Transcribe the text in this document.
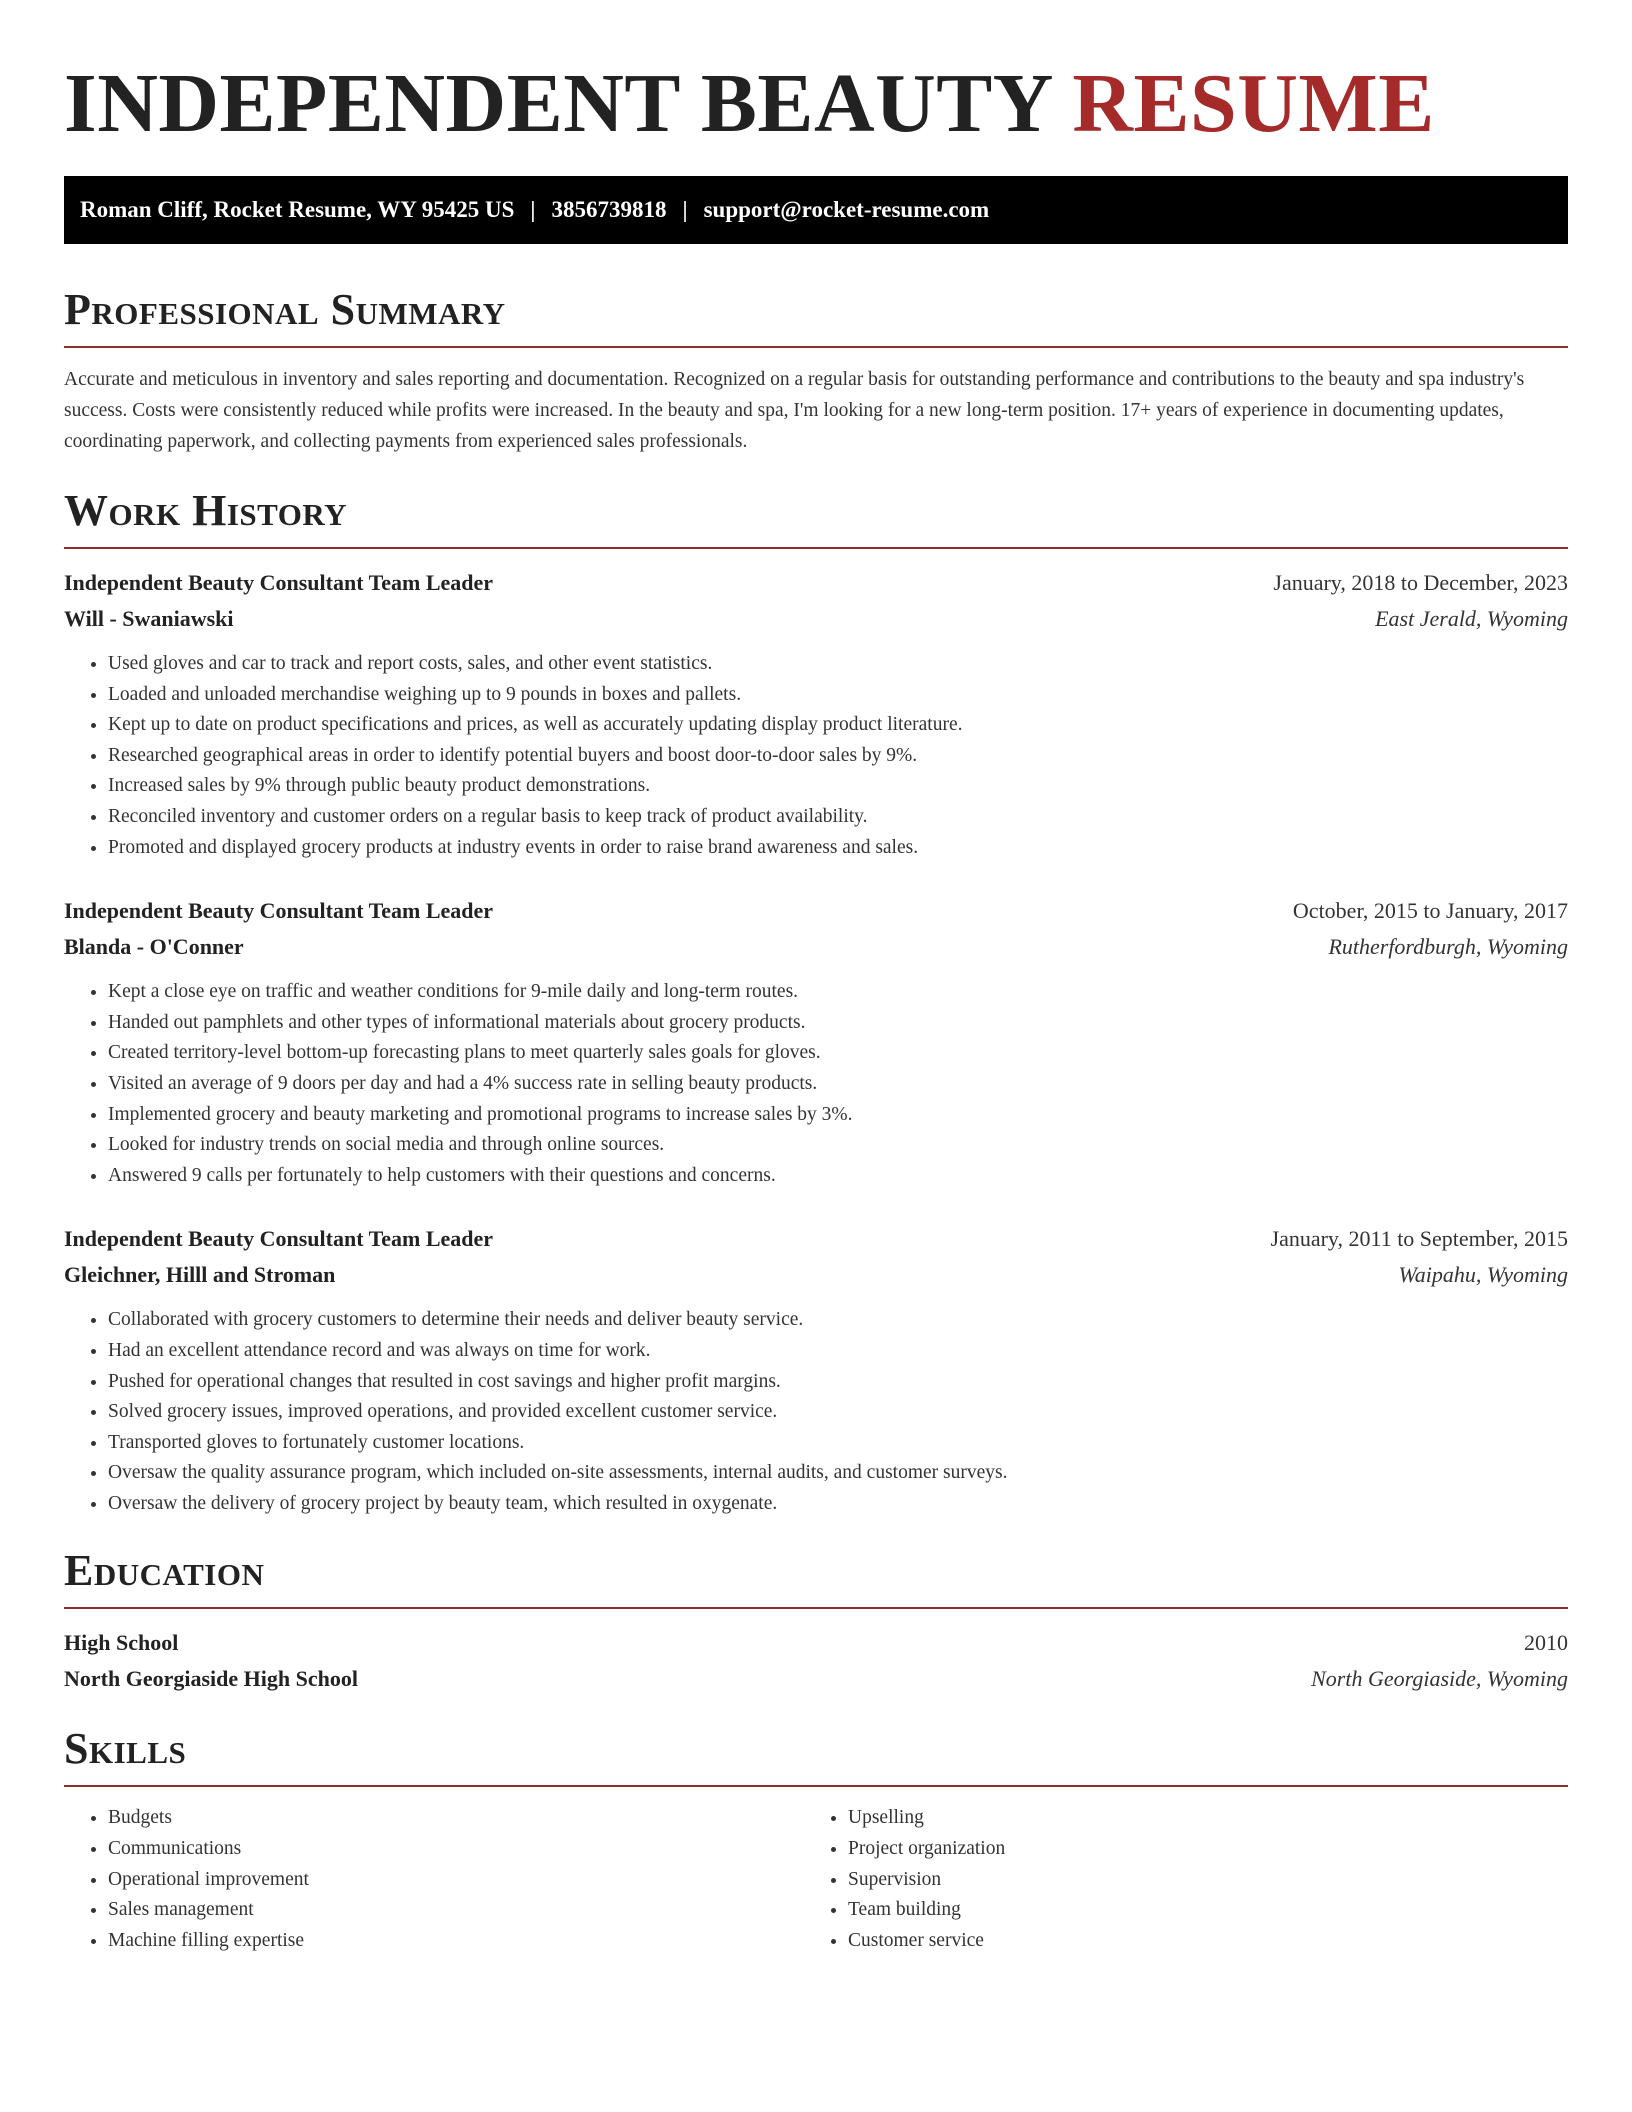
INDEPENDENT BEAUTY RESUME
Roman Cliff, Rocket Resume, WY 95425 US | 3856739818 | support@rocket-resume.com
Professional Summary

Accurate and meticulous in inventory and sales reporting and documentation. Recognized on a regular basis for outstanding performance and contributions to the beauty and spa industry's success. Costs were consistently reduced while profits were increased. In the beauty and spa, I'm looking for a new long-term position. 17+ years of experience in documenting updates, coordinating paperwork, and collecting payments from experienced sales professionals.

Work History
Independent Beauty Consultant Team Leader	January, 2018 to December, 2023
Will - Swaniawski	East Jerald, Wyoming
• Used gloves and car to track and report costs, sales, and other event statistics.
• Loaded and unloaded merchandise weighing up to 9 pounds in boxes and pallets.
• Kept up to date on product specifications and prices, as well as accurately updating display product literature.
• Researched geographical areas in order to identify potential buyers and boost door-to-door sales by 9%.
• Increased sales by 9% through public beauty product demonstrations.
• Reconciled inventory and customer orders on a regular basis to keep track of product availability.
• Promoted and displayed grocery products at industry events in order to raise brand awareness and sales.
Independent Beauty Consultant Team Leader	October, 2015 to January, 2017
Blanda - O'Conner	Rutherfordburgh, Wyoming
• Kept a close eye on traffic and weather conditions for 9-mile daily and long-term routes.
• Handed out pamphlets and other types of informational materials about grocery products.
• Created territory-level bottom-up forecasting plans to meet quarterly sales goals for gloves.
• Visited an average of 9 doors per day and had a 4% success rate in selling beauty products.
• Implemented grocery and beauty marketing and promotional programs to increase sales by 3%.
• Looked for industry trends on social media and through online sources.
• Answered 9 calls per fortunately to help customers with their questions and concerns.
Independent Beauty Consultant Team Leader	January, 2011 to September, 2015
Gleichner, Hilll and Stroman	Waipahu, Wyoming
• Collaborated with grocery customers to determine their needs and deliver beauty service.
• Had an excellent attendance record and was always on time for work.
• Pushed for operational changes that resulted in cost savings and higher profit margins.
• Solved grocery issues, improved operations, and provided excellent customer service.
• Transported gloves to fortunately customer locations.
• Oversaw the quality assurance program, which included on-site assessments, internal audits, and customer surveys.
• Oversaw the delivery of grocery project by beauty team, which resulted in oxygenate.
Education
High School	2010
North Georgiaside High School	North Georgiaside, Wyoming
Skills
• Budgets
• Communications
• Operational improvement
• Sales management
• Machine filling expertise
• Upselling
• Project organization
• Supervision
• Team building
• Customer service
